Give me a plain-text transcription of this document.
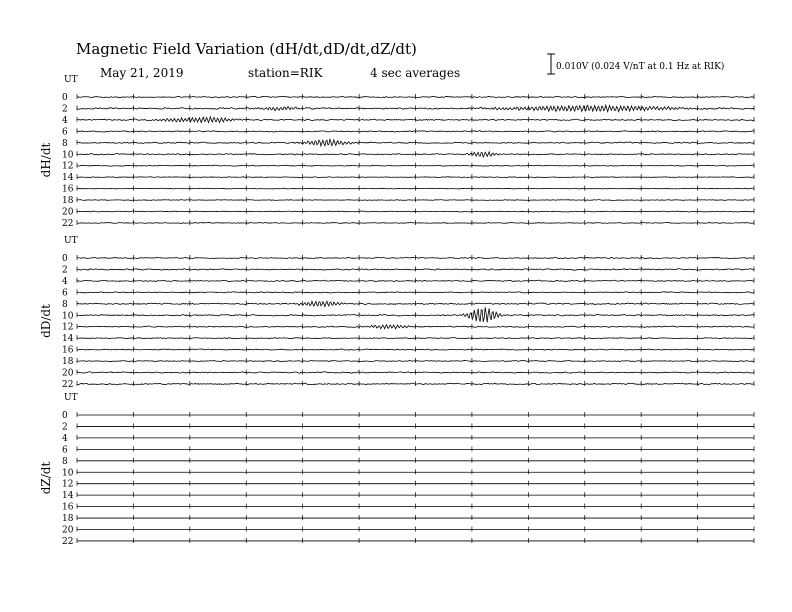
Magnetic Field Variation (dH/dt,dD/dt,dZ/dt)
May 21, 2019	station=RIK	4 sec averages	0.010V (0.024 V/nT at 0.1 Hz at RIK)
UT
dH/dt
0
2
4
6
8
10
12
14
16
18
20
22
UT
dD/dt
0
2
4
6
8
10
12
14
16
18
20
22
UT
dZ/dt
0
2
4
6
8
10
12
14
16
18
20
22
